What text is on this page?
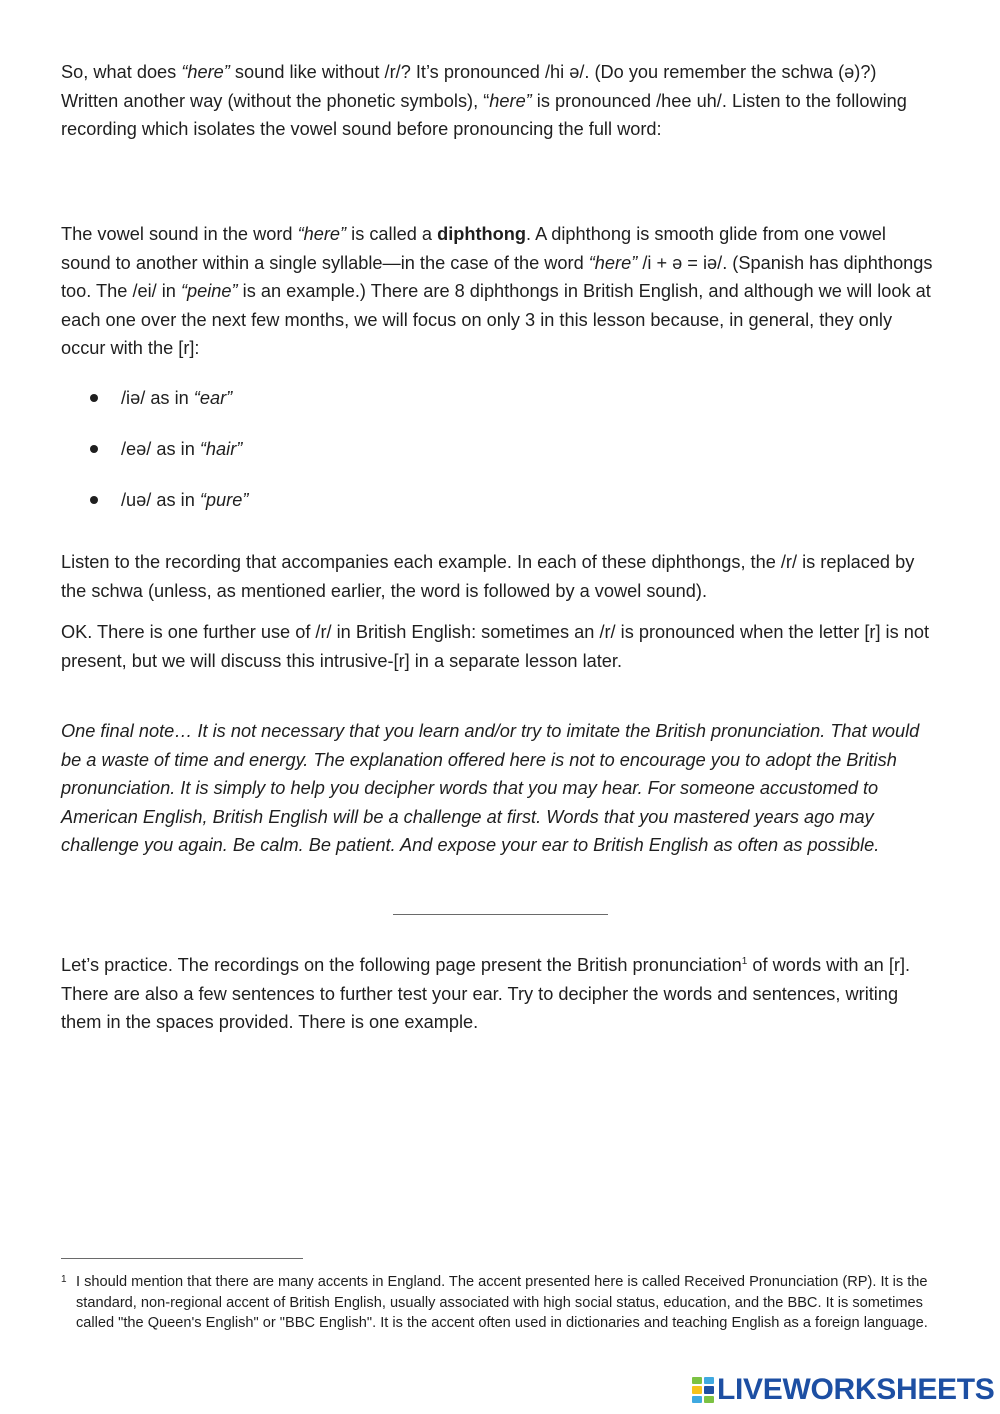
So, what does “here” sound like without /r/? It’s pronounced /hi ə/. (Do you remember the schwa (ə)?) Written another way (without the phonetic symbols), “here” is pronounced /hee uh/. Listen to the following recording which isolates the vowel sound before pronouncing the full word:

The vowel sound in the word “here” is called a diphthong. A diphthong is smooth glide from one vowel sound to another within a single syllable—in the case of the word “here” /i + ə = iə/. (Spanish has diphthongs too. The /ei/ in “peine” is an example.) There are 8 diphthongs in British English, and although we will look at each one over the next few months, we will focus on only 3 in this lesson because, in general, they only occur with the [r]:

/iə/ as in “ear”
/eə/ as in “hair”
/uə/ as in “pure”

Listen to the recording that accompanies each example. In each of these diphthongs, the /r/ is replaced by the schwa (unless, as mentioned earlier, the word is followed by a vowel sound).

OK. There is one further use of /r/ in British English: sometimes an /r/ is pronounced when the letter [r] is not present, but we will discuss this intrusive-[r] in a separate lesson later.

One final note… It is not necessary that you learn and/or try to imitate the British pronunciation. That would be a waste of time and energy. The explanation offered here is not to encourage you to adopt the British pronunciation. It is simply to help you decipher words that you may hear. For someone accustomed to American English, British English will be a challenge at first. Words that you mastered years ago may challenge you again. Be calm. Be patient. And expose your ear to British English as often as possible.

Let’s practice. The recordings on the following page present the British pronunciation$^1$ of words with an [r]. There are also a few sentences to further test your ear. Try to decipher the words and sentences, writing them in the spaces provided. There is one example.

1 I should mention that there are many accents in England. The accent presented here is called Received Pronunciation (RP). It is the standard, non-regional accent of British English, usually associated with high social status, education, and the BBC. It is sometimes called "the Queen's English" or "BBC English". It is the accent often used in dictionaries and teaching English as a foreign language.
LIVEWORKSHEETS
